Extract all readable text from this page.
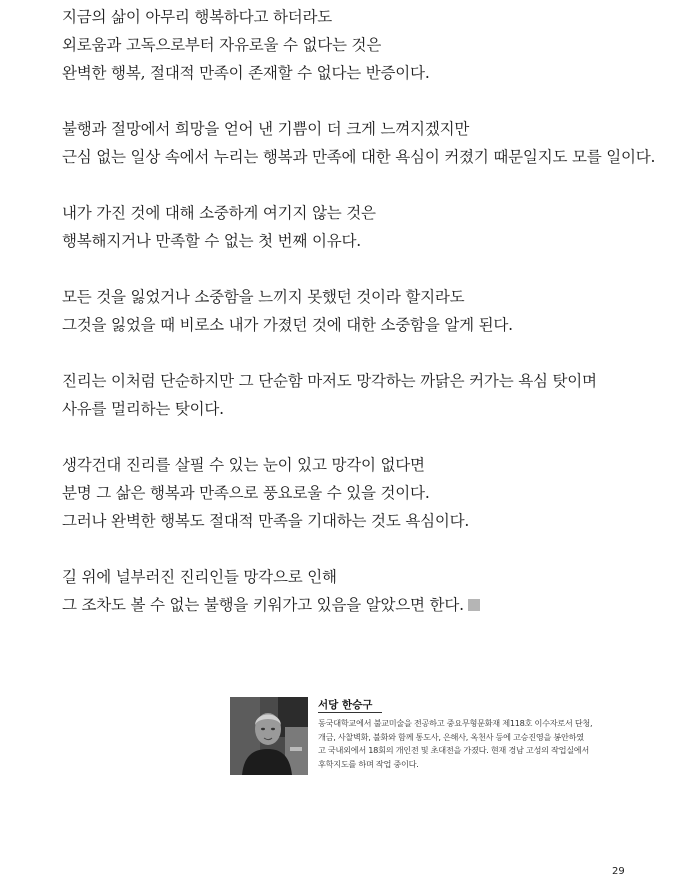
지금의 삶이 아무리 행복하다고 하더라도
외로움과 고독으로부터 자유로울 수 없다는 것은
완벽한 행복, 절대적 만족이 존재할 수 없다는 반증이다.
불행과 절망에서 희망을 얻어 낸 기쁨이 더 크게 느껴지겠지만
근심 없는 일상 속에서 누리는 행복과 만족에 대한 욕심이 커졌기 때문일지도 모를 일이다.
내가 가진 것에 대해 소중하게 여기지 않는 것은
행복해지거나 만족할 수 없는 첫 번째 이유다.
모든 것을 잃었거나 소중함을 느끼지 못했던 것이라 할지라도
그것을 잃었을 때 비로소 내가 가졌던 것에 대한 소중함을 알게 된다.
진리는 이처럼 단순하지만 그 단순함 마저도 망각하는 까닭은 커가는 욕심 탓이며
사유를 멀리하는 탓이다.
생각건대 진리를 살필 수 있는 눈이 있고 망각이 없다면
분명 그 삶은 행복과 만족으로 풍요로울 수 있을 것이다.
그러나 완벽한 행복도 절대적 만족을 기대하는 것도 욕심이다.
길 위에 널부러진 진리인들 망각으로 인해
그 조차도 볼 수 없는 불행을 키워가고 있음을 알았으면 한다.
서당 한승구
동국대학교에서 불교미술을 전공하고 중요무형문화재 제118호 이수자로서 단청,
개금, 사찰벽화, 불화와 함께 통도사, 은해사, 옥천사 등에 고승진영을 봉안하였
고 국내외에서 18회의 개인전 및 초대전을 가졌다. 현재 경남 고성의 작업실에서
후학지도를 하며 작업 중이다.
29
